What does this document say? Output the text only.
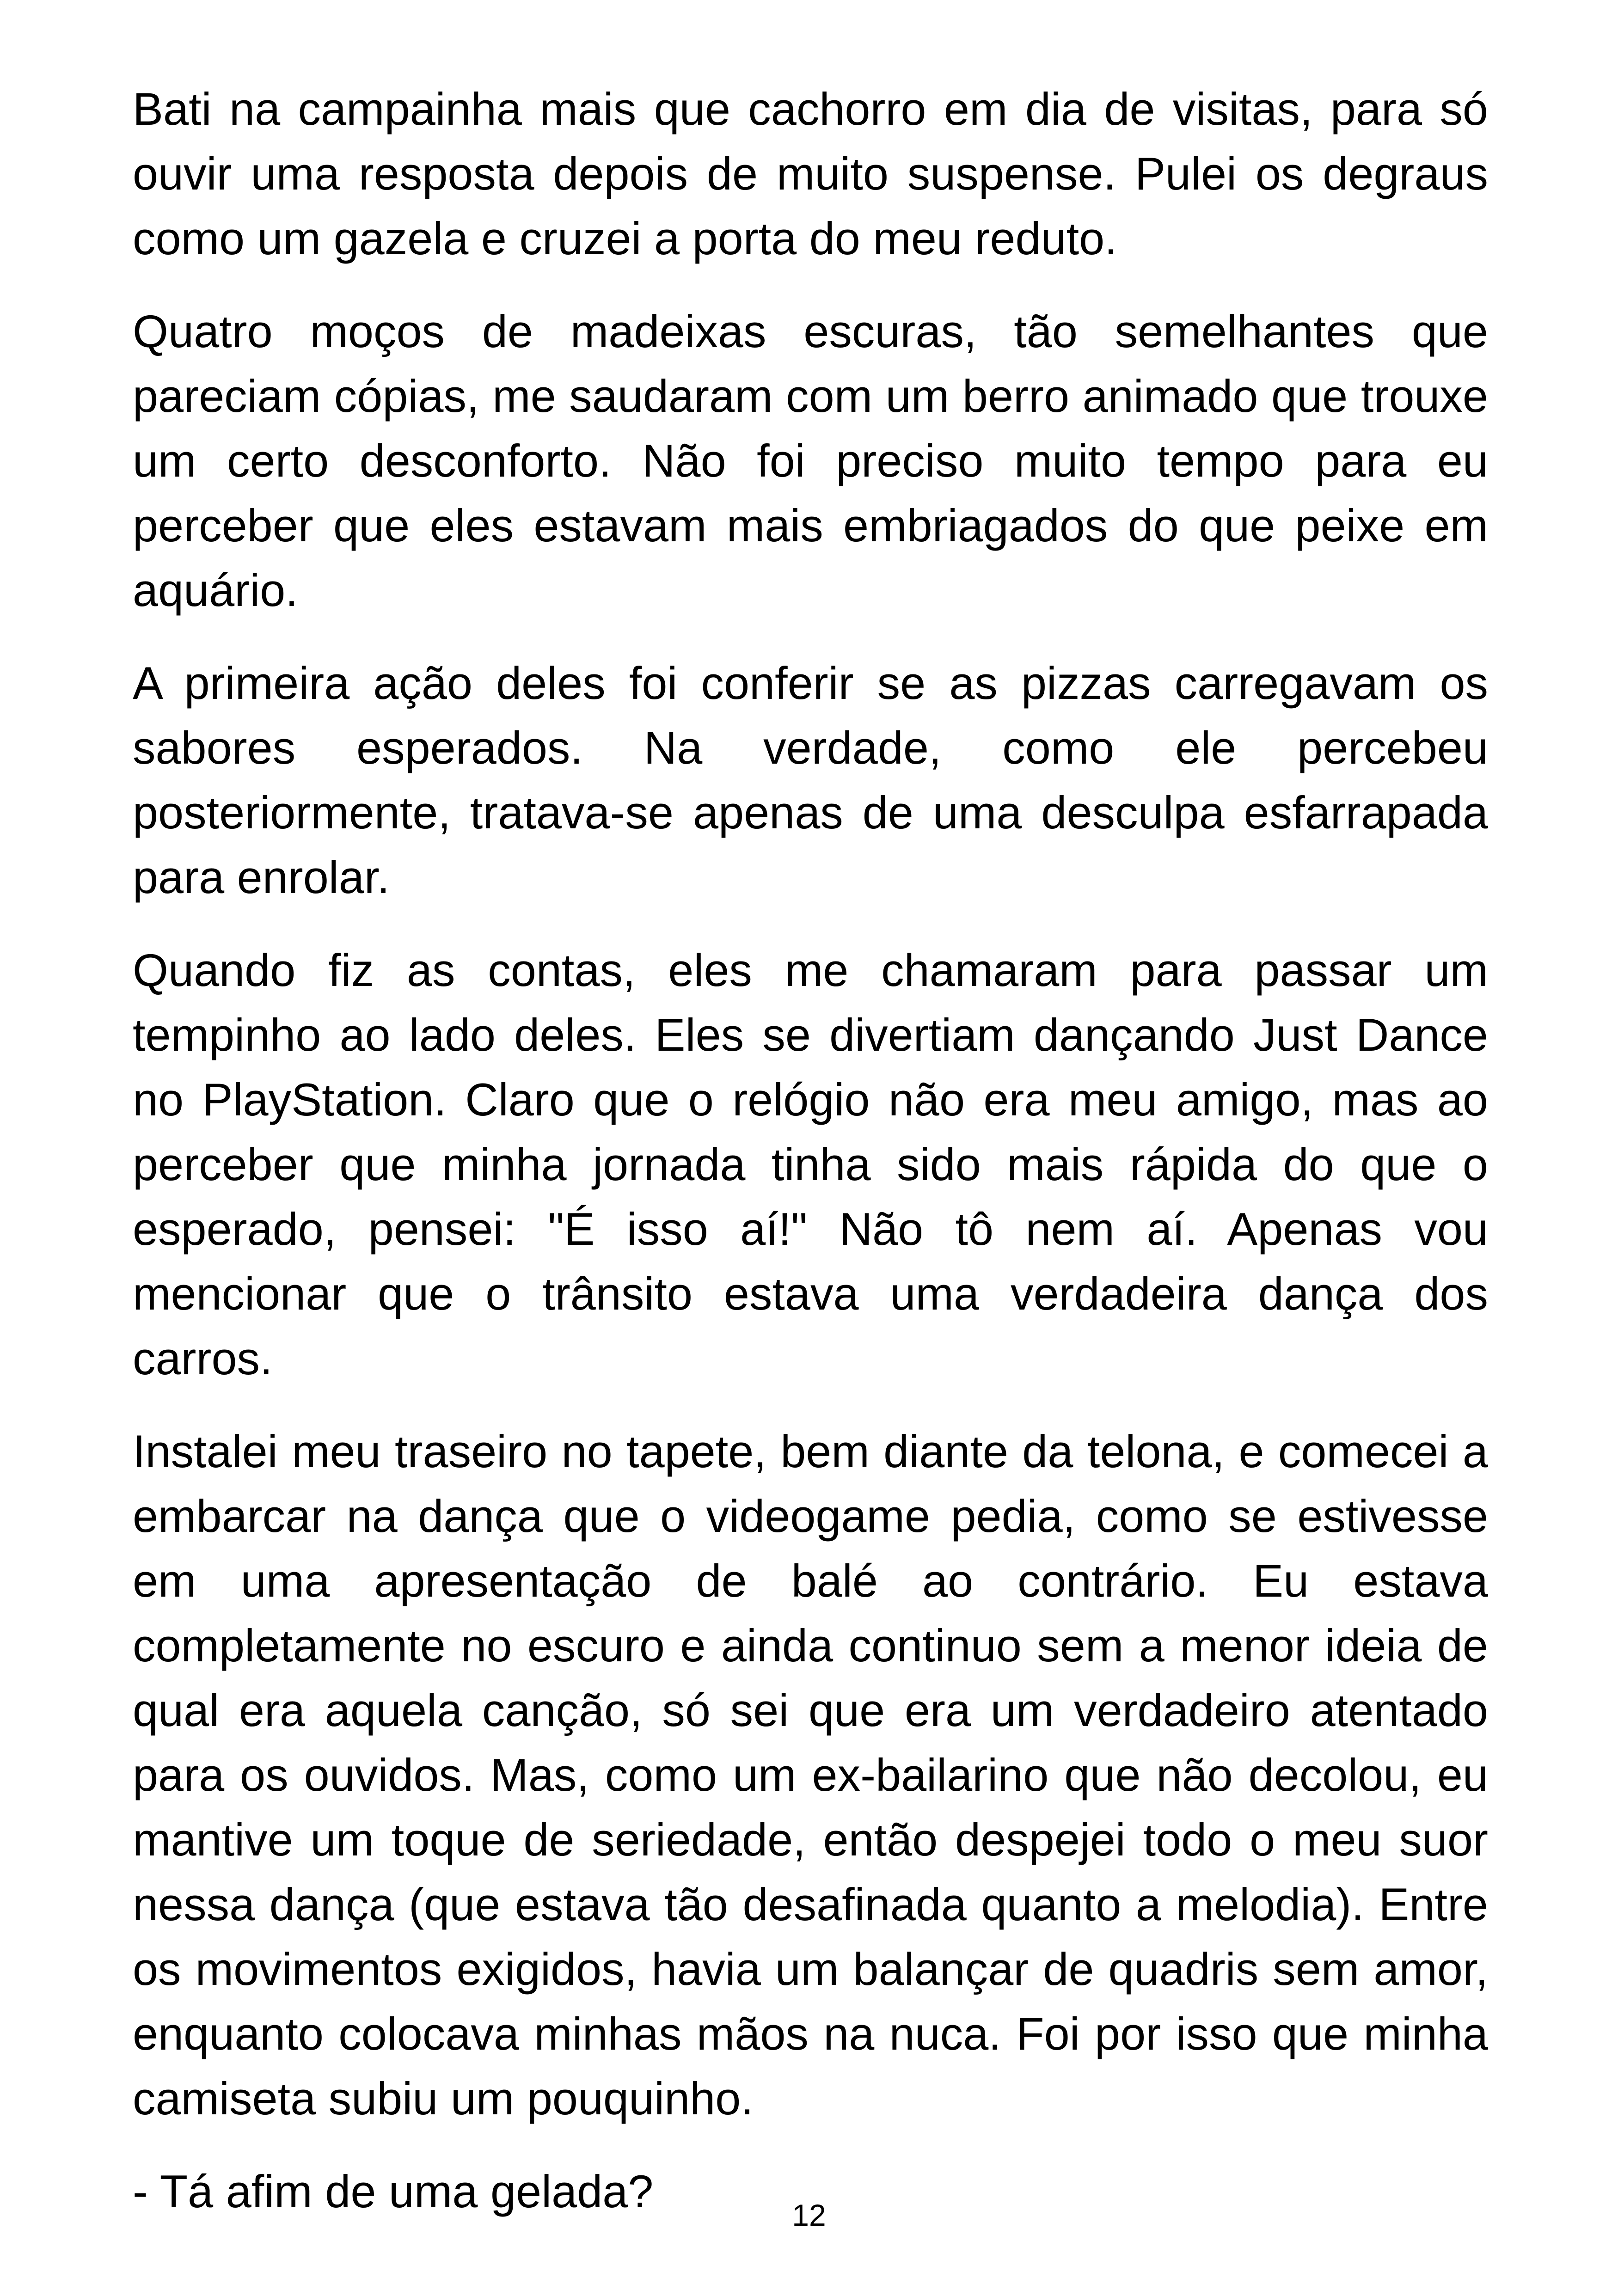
Bati na campainha mais que cachorro em dia de visitas, para só ouvir uma resposta depois de muito suspense. Pulei os degraus como um gazela e cruzei a porta do meu reduto.

Quatro moços de madeixas escuras, tão semelhantes que pareciam cópias, me saudaram com um berro animado que trouxe um certo desconforto. Não foi preciso muito tempo para eu perceber que eles estavam mais embriagados do que peixe em aquário.

A primeira ação deles foi conferir se as pizzas carregavam os sabores esperados. Na verdade, como ele percebeu posteriormente, tratava-se apenas de uma desculpa esfarrapada para enrolar.

Quando fiz as contas, eles me chamaram para passar um tempinho ao lado deles. Eles se divertiam dançando Just Dance no PlayStation. Claro que o relógio não era meu amigo, mas ao perceber que minha jornada tinha sido mais rápida do que o esperado, pensei: "É isso aí!" Não tô nem aí. Apenas vou mencionar que o trânsito estava uma verdadeira dança dos carros.

Instalei meu traseiro no tapete, bem diante da telona, e comecei a embarcar na dança que o videogame pedia, como se estivesse em uma apresentação de balé ao contrário. Eu estava completamente no escuro e ainda continuo sem a menor ideia de qual era aquela canção, só sei que era um verdadeiro atentado para os ouvidos. Mas, como um ex-bailarino que não decolou, eu mantive um toque de seriedade, então despejei todo o meu suor nessa dança (que estava tão desafinada quanto a melodia). Entre os movimentos exigidos, havia um balançar de quadris sem amor, enquanto colocava minhas mãos na nuca. Foi por isso que minha camiseta subiu um pouquinho.

- Tá afim de uma gelada?	12
